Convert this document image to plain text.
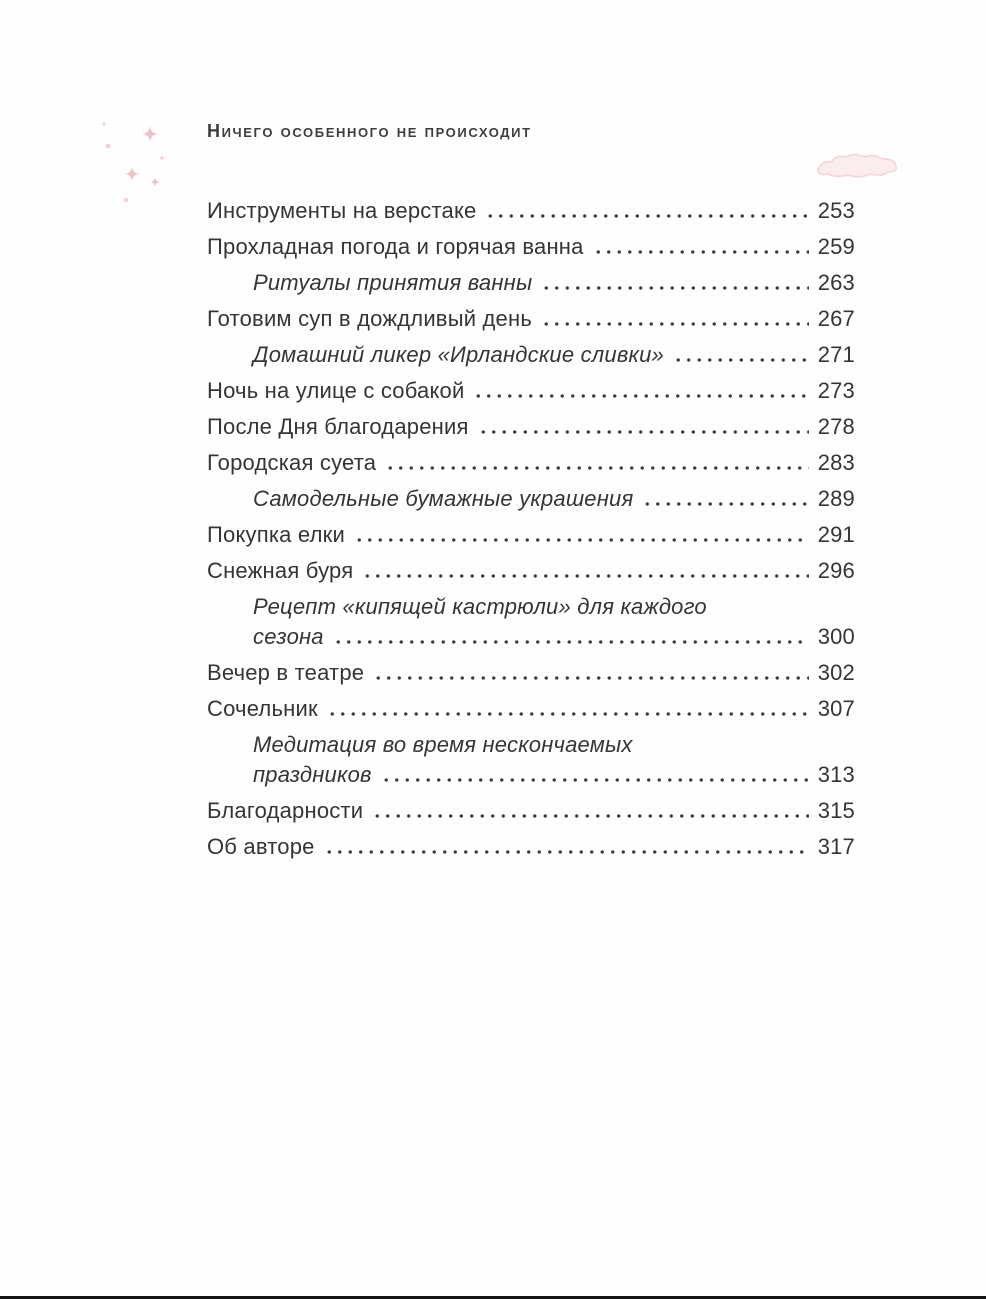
Ничего особенного не происходит
Инструменты на верстаке	253
Прохладная погода и горячая ванна	259
Ритуалы принятия ванны	263
Готовим суп в дождливый день	267
Домашний ликер «Ирландские сливки»	271
Ночь на улице с собакой	273
После Дня благодарения	278
Городская суета	283
Самодельные бумажные украшения	289
Покупка елки	291
Снежная буря	296
Рецепт «кипящей кастрюли» для каждого
сезона	300
Вечер в театре	302
Сочельник	307
Медитация во время нескончаемых
праздников	313
Благодарности	315
Об авторе	317
